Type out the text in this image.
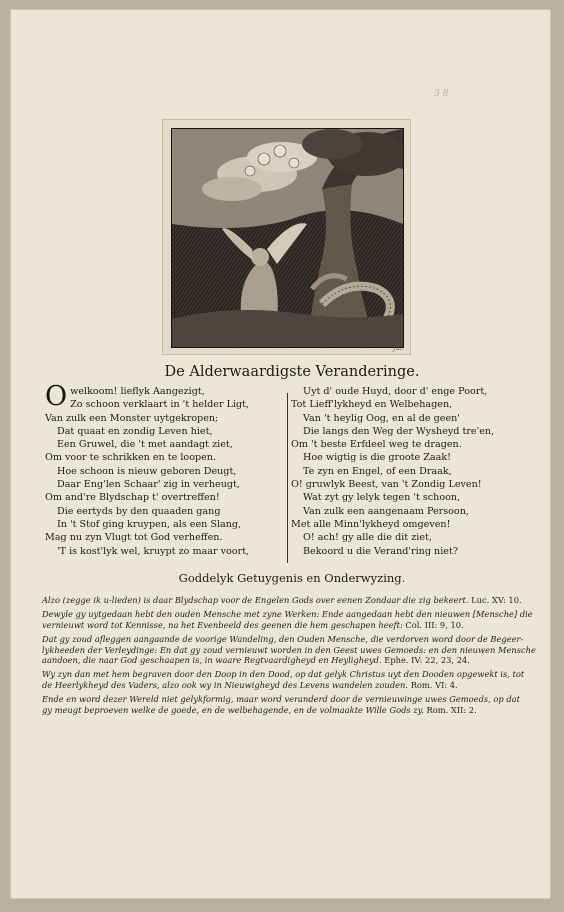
3 8
J.L.
De Alderwaardigste Veranderinge.
O welkoom! lieflyk Aangezigt,
Zo schoon verklaart in 't helder Ligt,
Van zulk een Monster uytgekropen;
Dat quaat en zondig Leven hiet,
Een Gruwel, die 't met aandagt ziet,
Om voor te schrikken en te loopen.
Hoe schoon is nieuw geboren Deugt,
Daar Eng'len Schaar' zig in verheugt,
Om and're Blydschap t' overtreffen!
Die eertyds by den quaaden gang
In 't Stof ging kruypen, als een Slang,
Mag nu zyn Vlugt tot God verheffen.
'T is kost'lyk wel, kruypt zo maar voort,
Uyt d' oude Huyd, door d' enge Poort,
Tot Lieff'lykheyd en Welbehagen,
Van 't heylig Oog, en al de geen'
Die langs den Weg der Wysheyd tre'en,
Om 't beste Erfdeel weg te dragen.
Hoe wigtig is die groote Zaak!
Te zyn en Engel, of een Draak,
O! gruwlyk Beest, van 't Zondig Leven!
Wat zyt gy lelyk tegen 't schoon,
Van zulk een aangenaam Persoon,
Met alle Minn'lykheyd omgeven!
O! ach! gy alle die dit ziet,
Bekoord u die Verand'ring niet?
Goddelyk Getuygenis en Onderwyzing.
Alzo (zegge ik u-lieden) is daar Blydschap voor de Engelen Gods over eenen Zondaar die zig bekeert. Luc. XV: 10.
Dewyle gy uytgedaan hebt den ouden Mensche met zyne Werken: Ende aangedaan hebt den nieuwen [Mensche] die
vernieuwt word tot Kennisse, na het Evenbeeld des geenen die hem geschapen heeft: Col. III: 9, 10.
Dat gy zoud afleggen aangaande de voorige Wandeling, den Ouden Mensche, die verdorven word door de Begeer-
lykheeden der Verleydinge: En dat gy zoud vernieuwt worden in den Geest uwes Gemoeds: en den nieuwen Mensche
aandoen, die naar God geschaapen is, in waare Regtvaardigheyd en Heyligheyd. Ephe. IV: 22, 23, 24.
Wy zyn dan met hem begraven door den Doop in den Dood, op dat gelyk Christus uyt den Dooden opgewekt is, tot
de Heerlykheyd des Vaders, alzo ook wy in Nieuwigheyd des Levens wandelen zouden. Rom. VI: 4.
Ende en word dezer Wereld niet gelykformig, maar word veranderd door de vernieuwinge uwes Gemoeds, op dat
gy meugt beproeven welke de goede, en de welbehagende, en de volmaakte Wille Gods zy. Rom. XII: 2.
